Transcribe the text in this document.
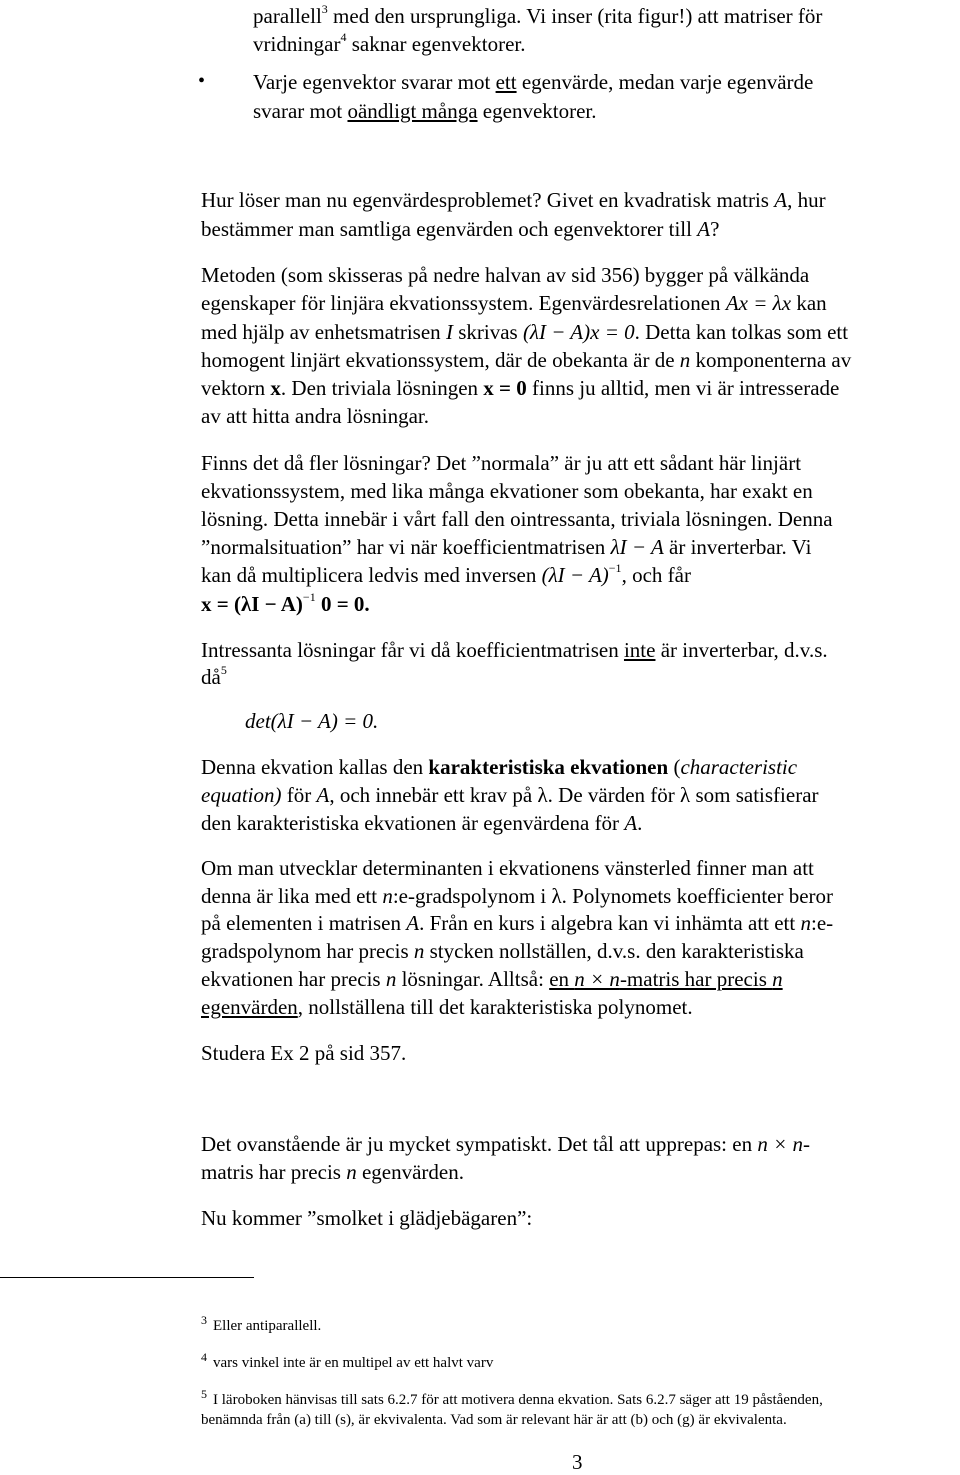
parallell$^3$ med den ursprungliga. Vi inser (rita figur!) att matriser för
vridningar$^4$ saknar egenvektorer.
• Varje egenvektor svarar mot ett egenvärde, medan varje egenvärde
svarar mot oändligt många egenvektorer.
Hur löser man nu egenvärdesproblemet? Givet en kvadratisk matris A, hur
bestämmer man samtliga egenvärden och egenvektorer till A?
Metoden (som skisseras på nedre halvan av sid 356) bygger på välkända
egenskaper för linjära ekvationssystem. Egenvärdesrelationen Ax = λx kan
med hjälp av enhetsmatrisen I skrivas (λI − A)x = 0. Detta kan tolkas som ett
homogent linjärt ekvationssystem, där de obekanta är de n komponenterna av
vektorn x. Den triviala lösningen x = 0 finns ju alltid, men vi är intresserade
av att hitta andra lösningar.
Finns det då fler lösningar? Det ”normala” är ju att ett sådant här linjärt
ekvationssystem, med lika många ekvationer som obekanta, har exakt en
lösning. Detta innebär i vårt fall den ointressanta, triviala lösningen. Denna
”normalsituation” har vi när koefficientmatrisen λI − A är inverterbar. Vi
kan då multiplicera ledvis med inversen $(\lambda I - A)^{-1}$, och får
$x = (\lambda I - A)^{-1}$ 0 = 0.
Intressanta lösningar får vi då koefficientmatrisen inte är inverterbar, d.v.s.
$då^5$
det(λI − A) = 0.
Denna ekvation kallas den karakteristiska ekvationen (characteristic
equation) för A, och innebär ett krav på λ. De värden för λ som satisfierar
den karakteristiska ekvationen är egenvärdena för A.
Om man utvecklar determinanten i ekvationens vänsterled finner man att
denna är lika med ett n:e-gradspolynom i λ. Polynomets koefficienter beror
på elementen i matrisen A. Från en kurs i algebra kan vi inhämta att ett n:e-
gradspolynom har precis n stycken nollställen, d.v.s. den karakteristiska
ekvationen har precis n lösningar. Alltså: en n × n-matris har precis n
egenvärden, nollställena till det karakteristiska polynomet.
Studera Ex 2 på sid 357.
Det ovanstående är ju mycket sympatiskt. Det tål att upprepas: en n × n-
matris har precis n egenvärden.
Nu kommer ”smolket i glädjebägaren”:
$^3$ Eller antiparallell.
$^4$ vars vinkel inte är en multipel av ett halvt varv
$^5$ I läroboken hänvisas till sats 6.2.7 för att motivera denna ekvation. Sats 6.2.7 säger att 19 påståenden,
benämnda från (a) till (s), är ekvivalenta. Vad som är relevant här är att (b) och (g) är ekvivalenta.
3
